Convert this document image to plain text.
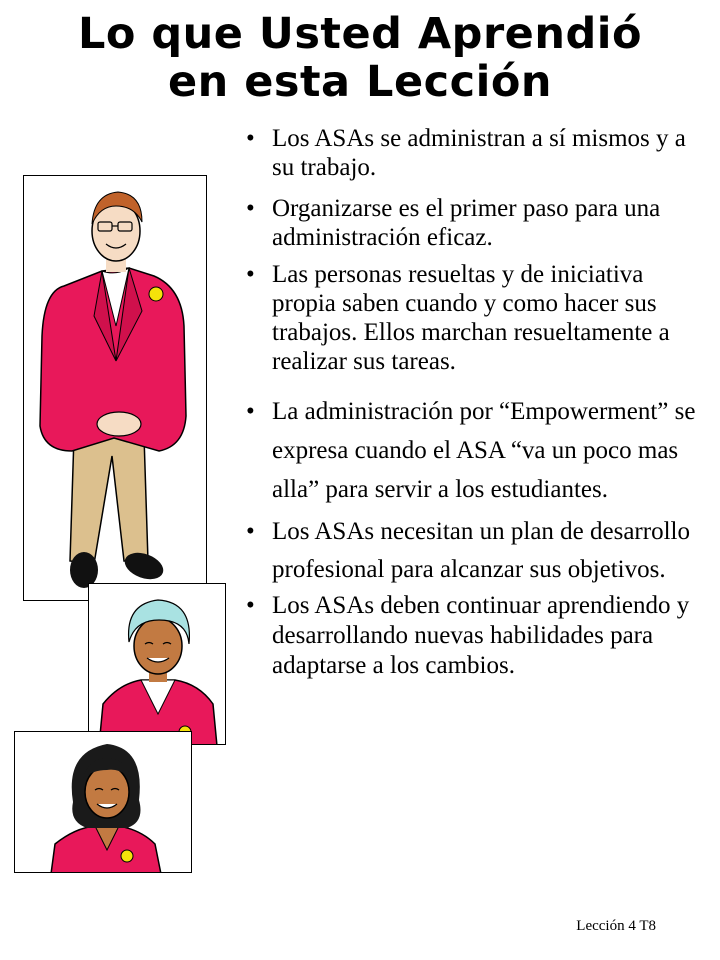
Lo que Usted Aprendió
en esta Lección
• Los ASAs se administran a sí mismos y a su trabajo.
• Organizarse es el primer paso para una administración eficaz.
• Las personas resueltas y de iniciativa propia saben cuando y como hacer sus trabajos. Ellos marchan resueltamente a realizar sus tareas.
• La administración por “Empowerment” se expresa cuando el ASA “va un poco mas alla” para servir a los estudiantes.
• Los ASAs necesitan un plan de desarrollo profesional para alcanzar sus objetivos.
• Los ASAs deben continuar aprendiendo y desarrollando nuevas habilidades para adaptarse a los cambios.
Lección 4 T8
